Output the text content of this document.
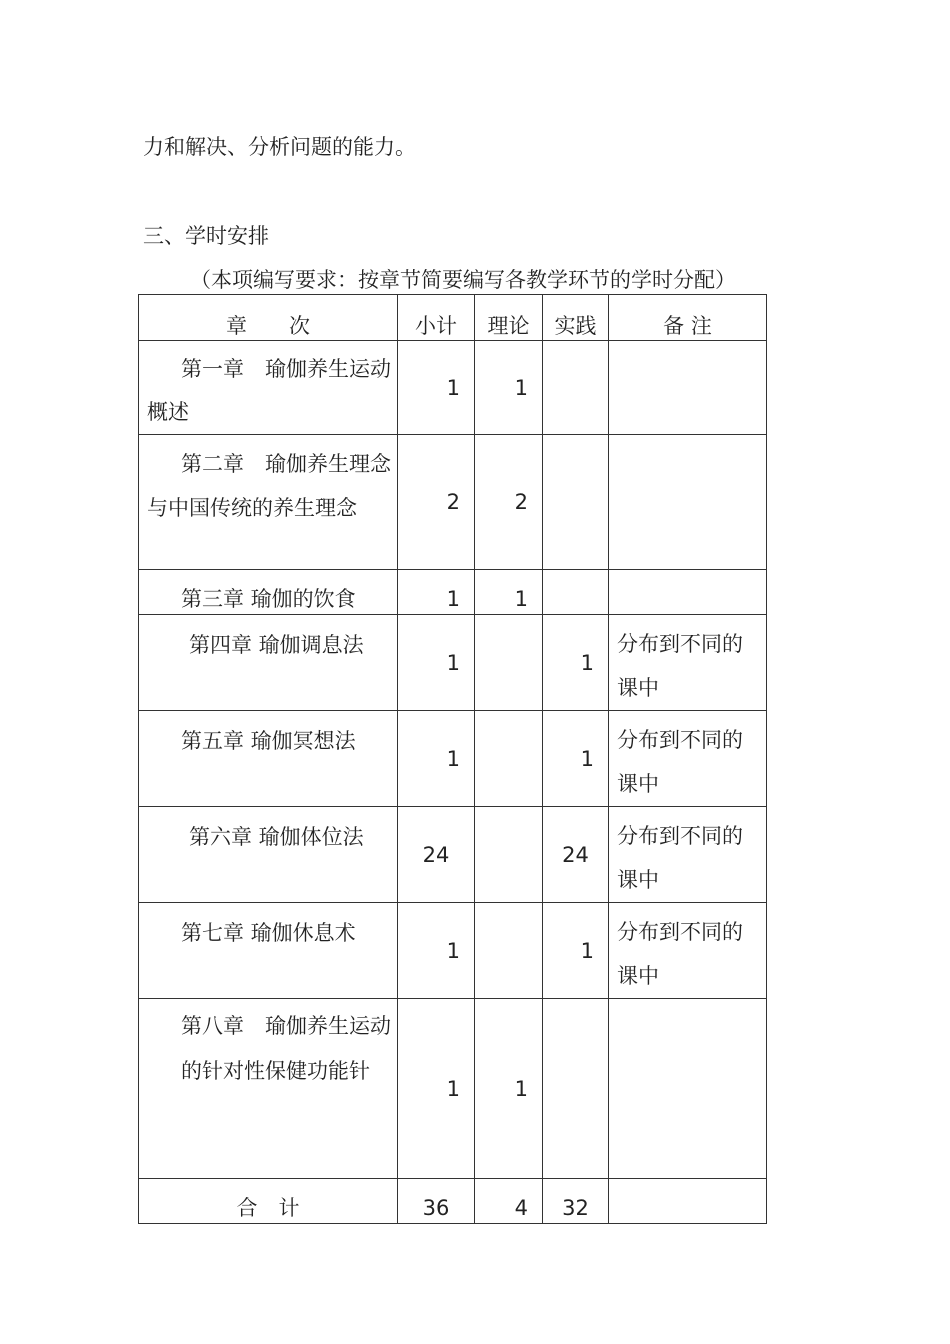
力和解决、分析问题的能力。
三、学时安排
（本项编写要求：按章节简要编写各教学环节的学时分配）
章　　次	小计	理论	实践	备 注

第一章　瑜伽养生运动概述	1	1		

第二章　瑜伽养生理念与中国传统的养生理念	2	2		
第三章 瑜伽的饮食	1	1		
第四章 瑜伽调息法	1		1	分布到不同的课中

第五章 瑜伽冥想法	1		1	分布到不同的课中

第六章 瑜伽体位法	24		24	分布到不同的课中

第七章 瑜伽休息术	1		1	分布到不同的课中

第八章　瑜伽养生运动的针对性保健功能针	1	1		
合　计	36	4	32	
